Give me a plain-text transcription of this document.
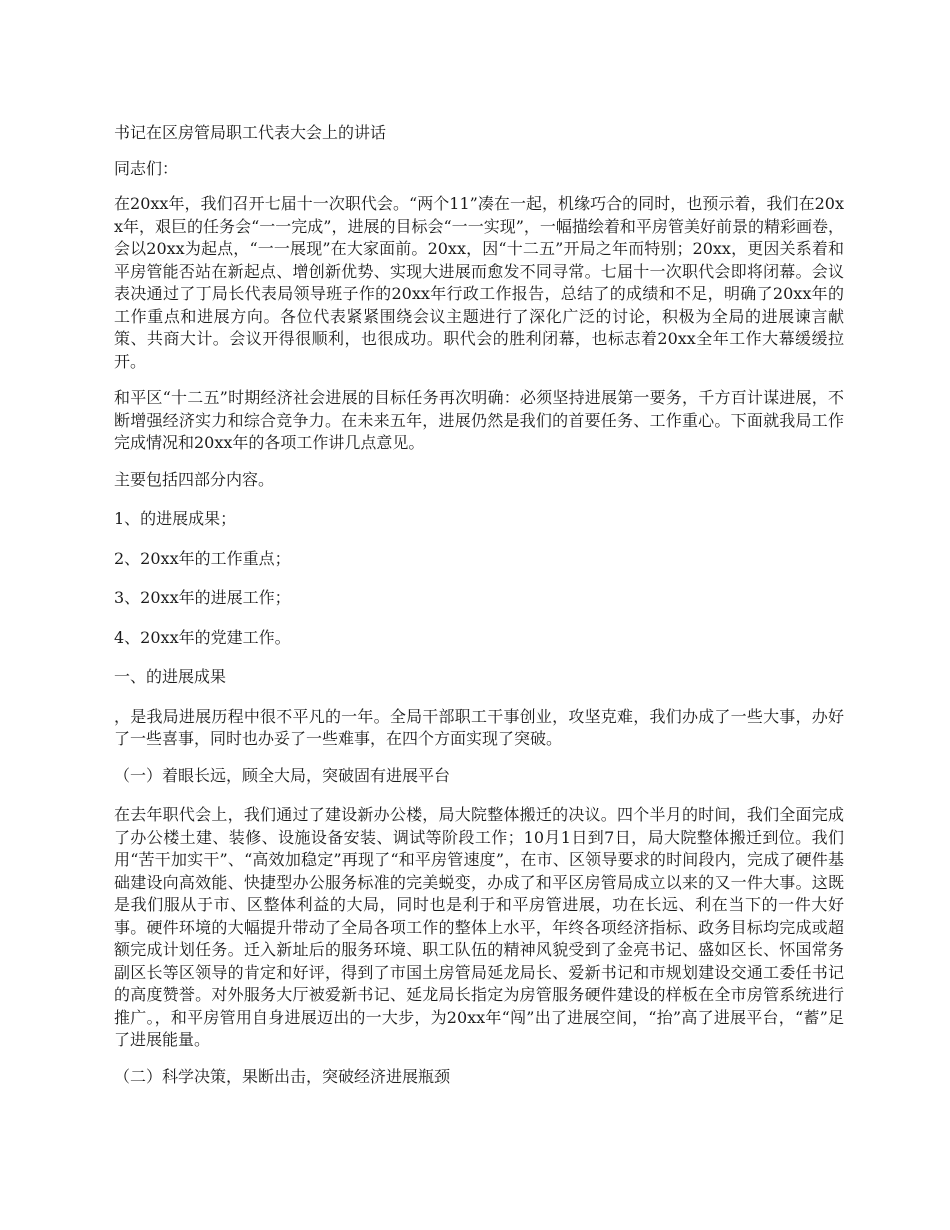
书记在区房管局职工代表大会上的讲话

同志们：

在20xx年，我们召开七届十一次职代会。“两个11”凑在一起，机缘巧合的同时，也预示着，我们在20xx年，艰巨的任务会“一一完成”，进展的目标会“一一实现”，一幅描绘着和平房管美好前景的精彩画卷，会以20xx为起点，“一一展现”在大家面前。20xx，因“十二五”开局之年而特别；20xx，更因关系着和平房管能否站在新起点、增创新优势、实现大进展而愈发不同寻常。七届十一次职代会即将闭幕。会议表决通过了丁局长代表局领导班子作的20xx年行政工作报告，总结了的成绩和不足，明确了20xx年的工作重点和进展方向。各位代表紧紧围绕会议主题进行了深化广泛的讨论，积极为全局的进展谏言献策、共商大计。会议开得很顺利，也很成功。职代会的胜利闭幕，也标志着20xx全年工作大幕缓缓拉开。

和平区“十二五”时期经济社会进展的目标任务再次明确：必须坚持进展第一要务，千方百计谋进展，不断增强经济实力和综合竞争力。在未来五年，进展仍然是我们的首要任务、工作重心。下面就我局工作完成情况和20xx年的各项工作讲几点意见。

主要包括四部分内容。

1、的进展成果；

2、20xx年的工作重点；

3、20xx年的进展工作；

4、20xx年的党建工作。

一、的进展成果

，是我局进展历程中很不平凡的一年。全局干部职工干事创业，攻坚克难，我们办成了一些大事，办好了一些喜事，同时也办妥了一些难事，在四个方面实现了突破。

（一）着眼长远，顾全大局，突破固有进展平台

在去年职代会上，我们通过了建设新办公楼，局大院整体搬迁的决议。四个半月的时间，我们全面完成了办公楼土建、装修、设施设备安装、调试等阶段工作；10月1日到7日，局大院整体搬迁到位。我们用“苦干加实干”、“高效加稳定”再现了“和平房管速度”，在市、区领导要求的时间段内，完成了硬件基础建设向高效能、快捷型办公服务标准的完美蜕变，办成了和平区房管局成立以来的又一件大事。这既是我们服从于市、区整体利益的大局，同时也是利于和平房管进展，功在长远、利在当下的一件大好事。硬件环境的大幅提升带动了全局各项工作的整体上水平，年终各项经济指标、政务目标均完成或超额完成计划任务。迁入新址后的服务环境、职工队伍的精神风貌受到了金亮书记、盛如区长、怀国常务副区长等区领导的肯定和好评，得到了市国土房管局延龙局长、爱新书记和市规划建设交通工委任书记的高度赞誉。对外服务大厅被爱新书记、延龙局长指定为房管服务硬件建设的样板在全市房管系统进行推广。，和平房管用自身进展迈出的一大步，为20xx年“闯”出了进展空间，“抬”高了进展平台，“蓄”足了进展能量。

（二）科学决策，果断出击，突破经济进展瓶颈
